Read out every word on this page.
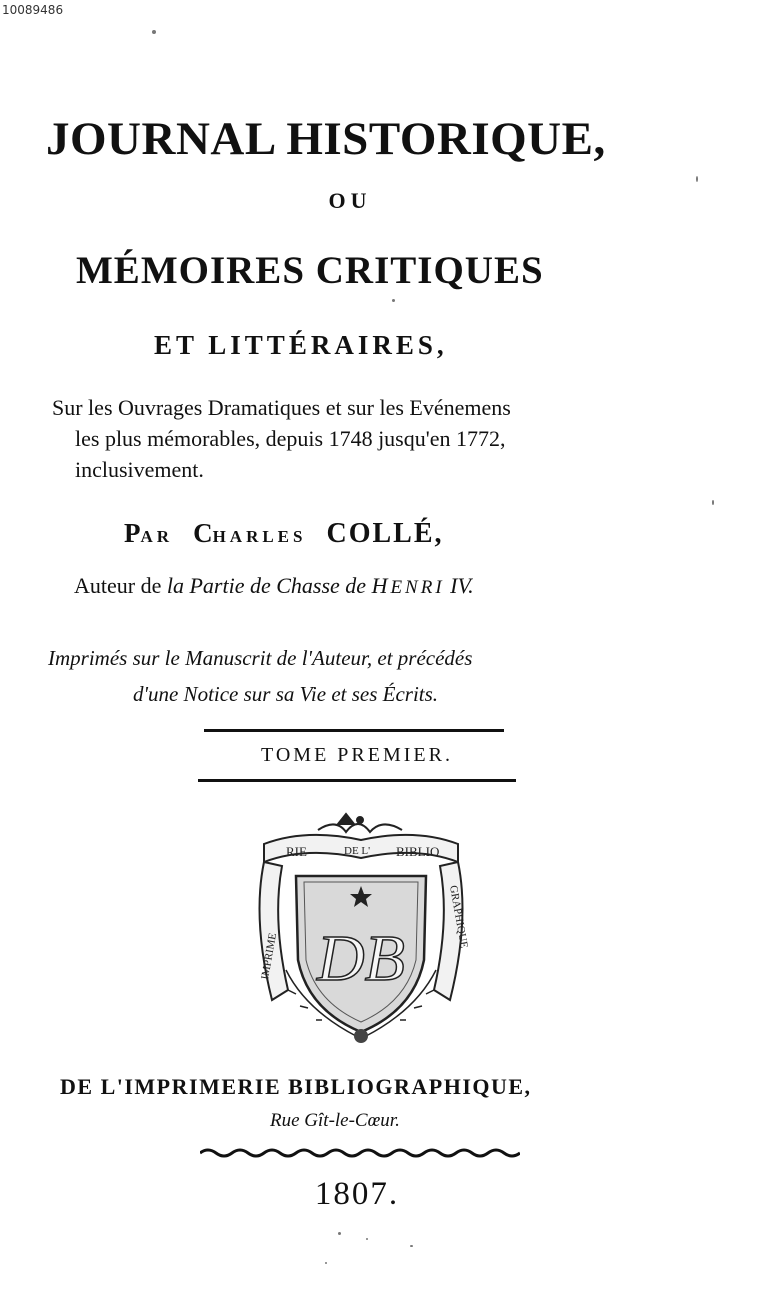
10089486
JOURNAL HISTORIQUE,
OU
MÉMOIRES CRITIQUES
ET LITTÉRAIRES,
Sur les Ouvrages Dramatiques et sur les Evénemens
les plus mémorables, depuis 1748 jusqu'en 1772,
inclusivement.
PAR CHARLES COLLÉ,
Auteur de la Partie de Chasse de HENRI IV.
Imprimés sur le Manuscrit de l'Auteur, et précédés
d'une Notice sur sa Vie et ses Écrits.
TOME PREMIER.
RIE	DE L' BIBLIO
IMPRIME
GRAPHIQUE
DB
DE L'IMPRIMERIE BIBLIOGRAPHIQUE,
Rue Gît-le-Cœur.
1807.
